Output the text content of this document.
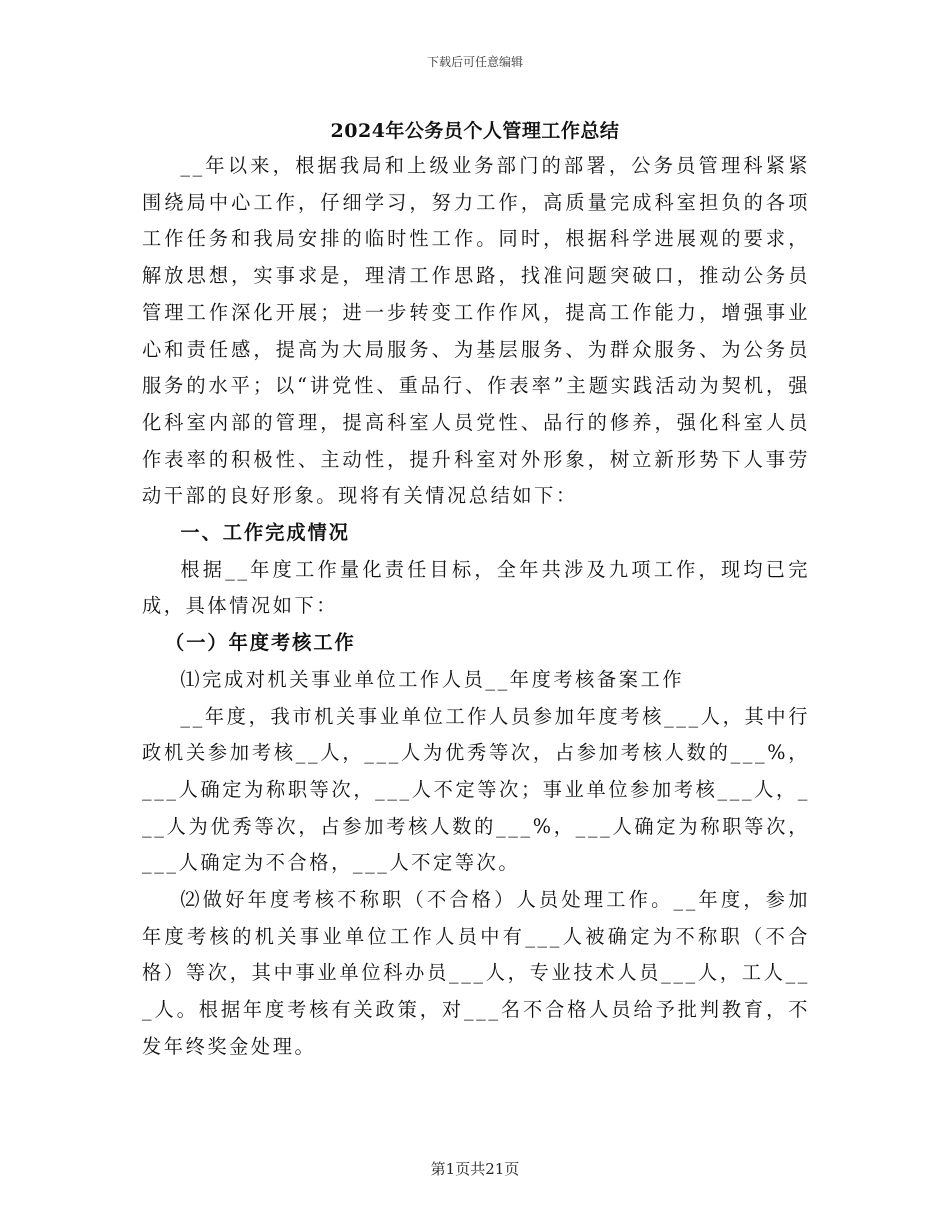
下载后可任意编辑
2024年公务员个人管理工作总结

__年以来，根据我局和上级业务部门的部署，公务员管理科紧紧围绕局中心工作，仔细学习，努力工作，高质量完成科室担负的各项工作任务和我局安排的临时性工作。同时，根据科学进展观的要求，解放思想，实事求是，理清工作思路，找准问题突破口，推动公务员管理工作深化开展；进一步转变工作作风，提高工作能力，增强事业心和责任感，提高为大局服务、为基层服务、为群众服务、为公务员服务的水平；以“讲党性、重品行、作表率”主题实践活动为契机，强化科室内部的管理，提高科室人员党性、品行的修养，强化科室人员作表率的积极性、主动性，提升科室对外形象，树立新形势下人事劳动干部的良好形象。现将有关情况总结如下：

一、工作完成情况

根据__年度工作量化责任目标，全年共涉及九项工作，现均已完成，具体情况如下：

（一）年度考核工作

⑴完成对机关事业单位工作人员__年度考核备案工作

__年度，我市机关事业单位工作人员参加年度考核___人，其中行政机关参加考核__人，___人为优秀等次，占参加考核人数的___%，___人确定为称职等次，___人不定等次；事业单位参加考核___人，___人为优秀等次，占参加考核人数的___%，___人确定为称职等次，___人确定为不合格，___人不定等次。

⑵做好年度考核不称职（不合格）人员处理工作。__年度，参加年度考核的机关事业单位工作人员中有___人被确定为不称职（不合格）等次，其中事业单位科办员___人，专业技术人员___人，工人___人。根据年度考核有关政策，对___名不合格人员给予批判教育，不发年终奖金处理。

第1页共21页
